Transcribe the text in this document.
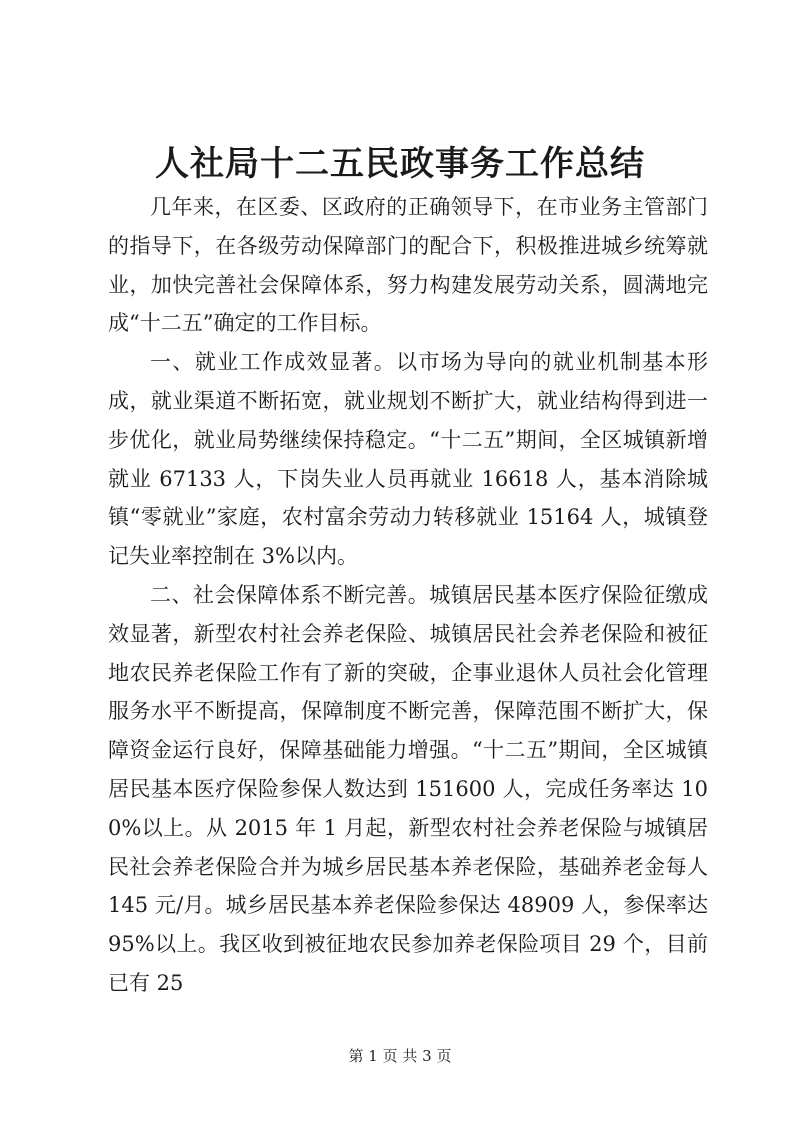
人社局十二五民政事务工作总结

几年来，在区委、区政府的正确领导下，在市业务主管部门的指导下，在各级劳动保障部门的配合下，积极推进城乡统筹就业，加快完善社会保障体系，努力构建发展劳动关系，圆满地完成“十二五”确定的工作目标。

一、就业工作成效显著。以市场为导向的就业机制基本形成，就业渠道不断拓宽，就业规划不断扩大，就业结构得到进一步优化，就业局势继续保持稳定。“十二五”期间，全区城镇新增就业 67133 人，下岗失业人员再就业 16618 人，基本消除城镇“零就业”家庭，农村富余劳动力转移就业 15164 人，城镇登记失业率控制在 3%以内。

二、社会保障体系不断完善。城镇居民基本医疗保险征缴成效显著，新型农村社会养老保险、城镇居民社会养老保险和被征地农民养老保险工作有了新的突破，企事业退休人员社会化管理服务水平不断提高，保障制度不断完善，保障范围不断扩大，保障资金运行良好，保障基础能力增强。“十二五”期间，全区城镇居民基本医疗保险参保人数达到 151600 人，完成任务率达 100%以上。从 2015 年 1 月起，新型农村社会养老保险与城镇居民社会养老保险合并为城乡居民基本养老保险，基础养老金每人 145 元/月。城乡居民基本养老保险参保达 48909 人，参保率达 95%以上。我区收到被征地农民参加养老保险项目 29 个，目前已有 25

第 1 页 共 3 页
